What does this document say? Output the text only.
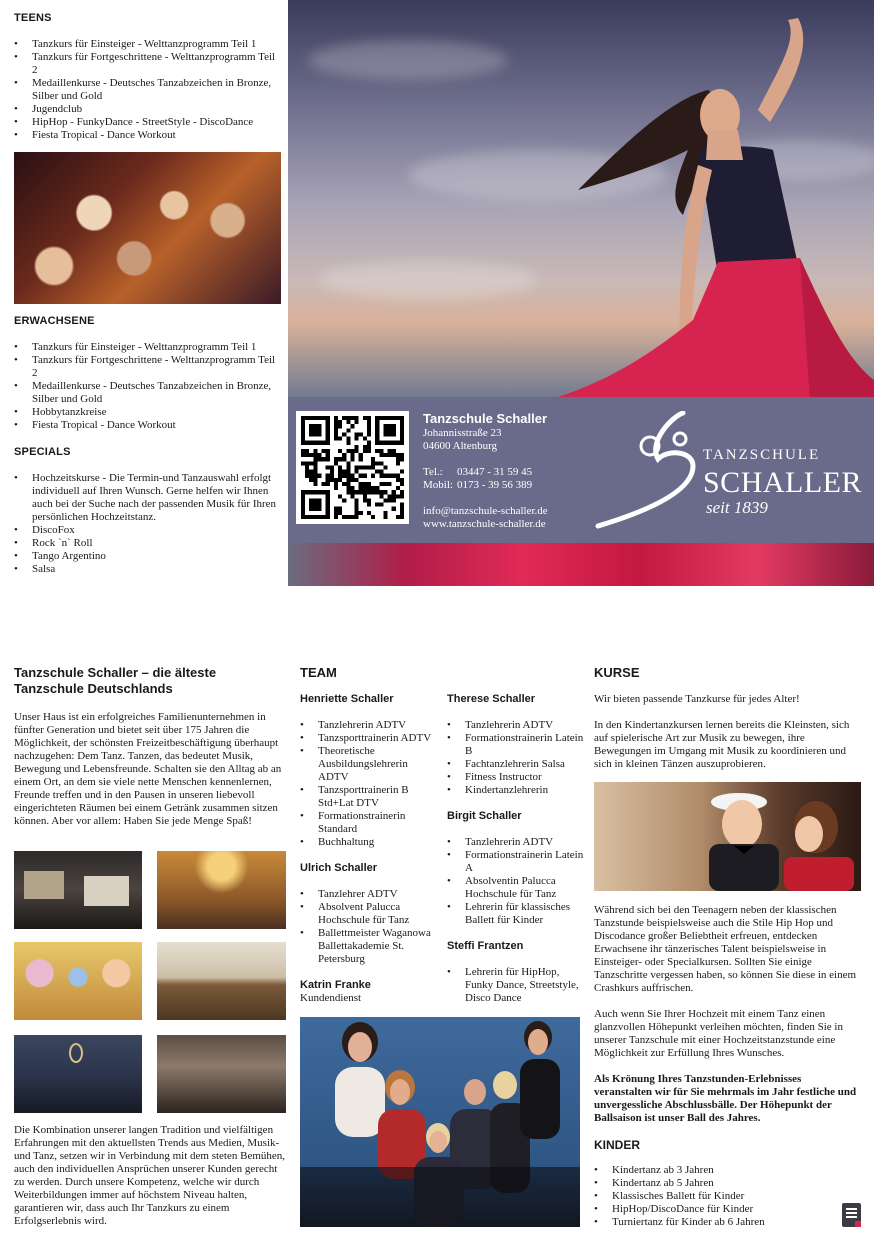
TEENS
• Tanzkurs für Einsteiger - Welttanzprogramm Teil 1
• Tanzkurs für Fortgeschrittene - Welttanzprogramm Teil 2
• Medaillenkurse - Deutsches Tanzabzeichen in Bronze, Silber und Gold
• Jugendclub
• HipHop - FunkyDance - StreetStyle - DiscoDance
• Fiesta Tropical - Dance Workout
ERWACHSENE
• Tanzkurs für Einsteiger - Welttanzprogramm Teil 1
• Tanzkurs für Fortgeschrittene - Welttanzprogramm Teil 2
• Medaillenkurse - Deutsches Tanzabzeichen in Bronze, Silber und Gold
• Hobbytanzkreise
• Fiesta Tropical - Dance Workout
SPECIALS
• Hochzeitskurse - Die Termin-und Tanzauswahl erfolgt individuell auf Ihren Wunsch. Gerne helfen wir Ihnen auch bei der Suche nach der passenden Musik für Ihren persönlichen Hochzeitstanz.
• DiscoFox
• Rock `n` Roll
• Tango Argentino
• Salsa
Tanzschule Schaller
Johannisstraße 23
04600 Altenburg
Tel.: 03447 - 31 59 45
Mobil: 0173 - 39 56 389
info@tanzschule-schaller.de
www.tanzschule-schaller.de
TANZSCHULE
SCHALLER
seit 1839
Tanzschule Schaller – die älteste Tanzschule Deutschlands

Unser Haus ist ein erfolgreiches Familienunternehmen in fünfter Generation und bietet seit über 175 Jahren die Möglichkeit, der schönsten Freizeitbeschäftigung überhaupt nachzugehen: Dem Tanz. Tanzen, das bedeutet Musik, Bewegung und Lebensfreunde. Schalten sie den Alltag ab an einem Ort, an dem sie viele nette Menschen kennenlernen, Freunde treffen und in den Pausen in unseren liebevoll eingerichteten Räumen bei einem Getränk zusammen sitzen können. Aber vor allem: Haben Sie jede Menge Spaß!

Die Kombination unserer langen Tradition und vielfältigen Erfahrungen mit den aktuellsten Trends aus Medien, Musik- und Tanz, setzen wir in Verbindung mit dem steten Bemühen, auch den individuellen Ansprüchen unserer Kunden gerecht zu werden. Durch unsere Kompetenz, welche wir durch Weiterbildungen immer auf höchstem Niveau halten, garantieren wir, dass auch Ihr Tanzkurs zu einem Erfolgserlebnis wird.

TEAM
Henriette Schaller
• Tanzlehrerin ADTV
• Tanzsporttrainerin ADTV
• Theoretische Ausbildungslehrerin ADTV
• Tanzsporttrainerin B Std+Lat DTV
• Formationstrainerin Standard
• Buchhaltung
Ulrich Schaller
• Tanzlehrer ADTV
• Absolvent Palucca Hochschule für Tanz
• Ballettmeister Waganowa Ballettakademie St. Petersburg
Katrin Franke
Kundendienst
Therese Schaller
• Tanzlehrerin ADTV
• Formationstrainerin Latein B
• Fachtanzlehrerin Salsa
• Fitness Instructor
• Kindertanzlehrerin
Birgit Schaller
• Tanzlehrerin ADTV
• Formationstrainerin Latein A
• Absolventin Palucca Hochschule für Tanz
• Lehrerin für klassisches Ballett für Kinder
Steffi Frantzen
• Lehrerin für HipHop, Funky Dance, Streetstyle, Disco Dance
KURSE

Wir bieten passende Tanzkurse für jedes Alter!

In den Kindertanzkursen lernen bereits die Kleinsten, sich auf spielerische Art zur Musik zu bewegen, ihre Bewegungen im Umgang mit Musik zu koordinieren und sich in kleinen Tänzen auszuprobieren.

Während sich bei den Teenagern neben der klassischen Tanzstunde beispielsweise auch die Stile Hip Hop und Discodance großer Beliebtheit erfreuen, entdecken Erwachsene ihr tänzerisches Talent beispielsweise in Einsteiger- oder Specialkursen. Sollten Sie einige Tanzschritte vergessen haben, so können Sie diese in einem Crashkurs auffrischen.

Auch wenn Sie Ihrer Hochzeit mit einem Tanz einen glanzvollen Höhepunkt verleihen möchten, finden Sie in unserer Tanzschule mit einer Hochzeitstanzstunde eine Möglichkeit zur Erfüllung Ihres Wunsches.

Als Krönung Ihres Tanzstunden-Erlebnisses veranstalten wir für Sie mehrmals im Jahr festliche und unvergessliche Abschlussbälle. Der Höhepunkt der Ballsaison ist unser Ball des Jahres.

KINDER
• Kindertanz ab 3 Jahren
• Kindertanz ab 5 Jahren
• Klassisches Ballett für Kinder
• HipHop/DiscoDance für Kinder
• Turniertanz für Kinder ab 6 Jahren
